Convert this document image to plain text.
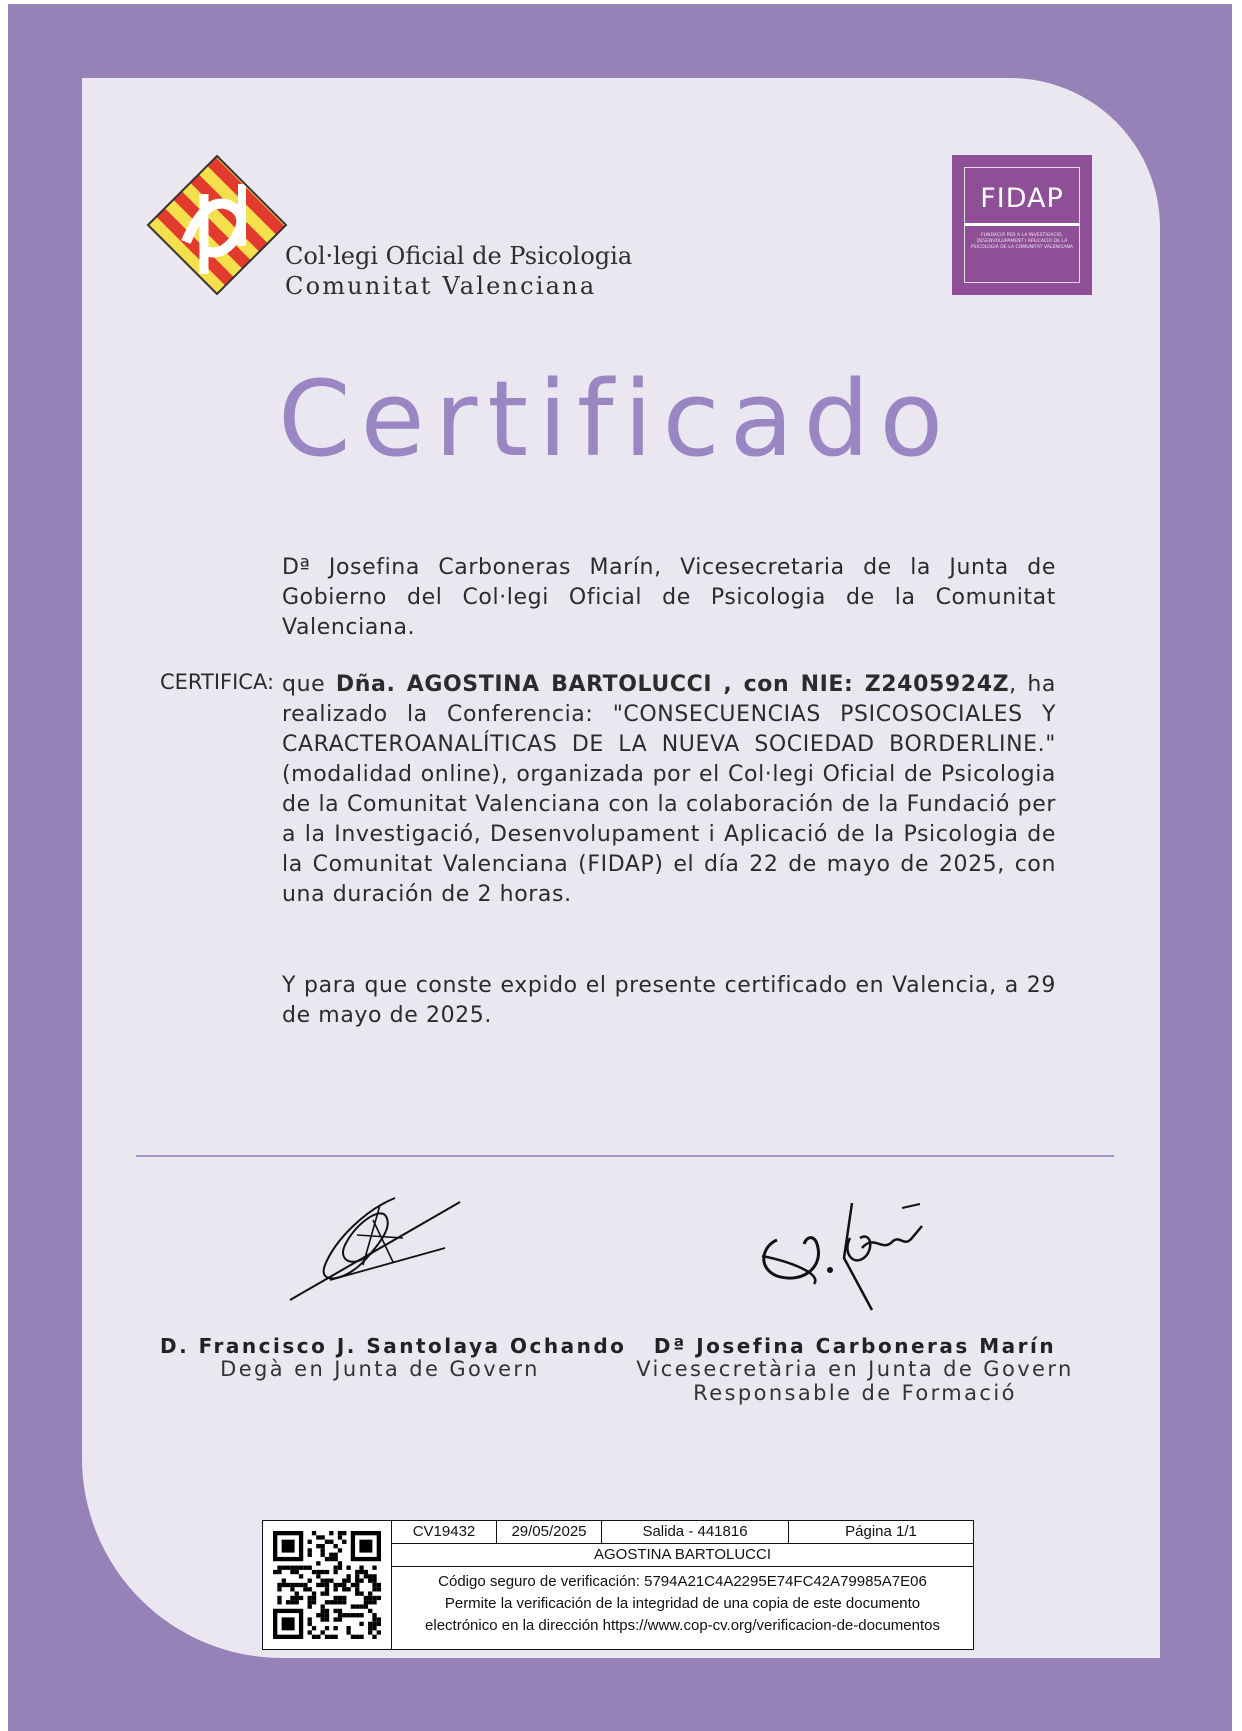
Col·legi Oficial de Psicologia
Comunitat Valenciana
FIDAP
FUNDACIÓ PER A LA INVESTIGACIÓ, DESENVOLUPAMENT I APLICACIÓ DE LA PSICOLOGIA DE LA COMUNITAT VALENCIANA
Certificado
Dª Josefina Carboneras Marín, Vicesecretaria de la Junta de Gobierno del Col·legi Oficial de Psicologia de la Comunitat Valenciana.
CERTIFICA: que Dña. AGOSTINA BARTOLUCCI , con NIE: Z2405924Z, ha realizado la Conferencia: "CONSECUENCIAS PSICOSOCIALES Y CARACTEROANALÍTICAS DE LA NUEVA SOCIEDAD BORDERLINE." (modalidad online), organizada por el Col·legi Oficial de Psicologia de la Comunitat Valenciana con la colaboración de la Fundació per a la Investigació, Desenvolupament i Aplicació de la Psicologia de la Comunitat Valenciana (FIDAP) el día 22 de mayo de 2025, con una duración de 2 horas.
Y para que conste expido el presente certificado en Valencia, a 29 de mayo de 2025.
D. Francisco J. Santolaya Ochando
Degà en Junta de Govern
Dª Josefina Carboneras Marín
Vicesecretària en Junta de Govern
Responsable de Formació
CV19432	29/05/2025	Salida - 441816	Página 1/1
AGOSTINA BARTOLUCCI
Código seguro de verificación: 5794A21C4A2295E74FC42A79985A7E06
Permite la verificación de la integridad de una copia de este documento
electrónico en la dirección https://www.cop-cv.org/verificacion-de-documentos
